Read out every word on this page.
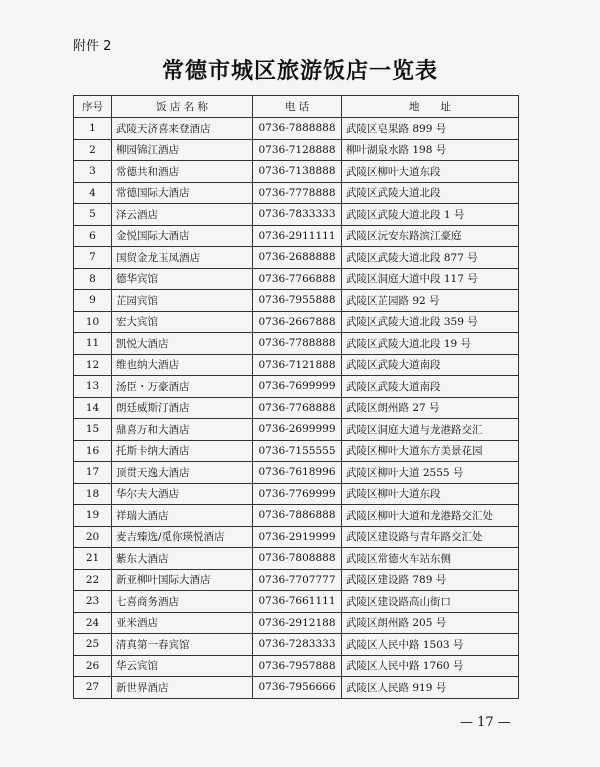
附件 2
常德市城区旅游饭店一览表
序号	饭 店 名 称	电 话	地　　址
1	武陵天济喜来登酒店	0736-7888888	武陵区皂果路 899 号
2	柳园锦江酒店	0736-7128888	柳叶湖泉水路 198 号
3	常德共和酒店	0736-7138888	武陵区柳叶大道东段
4	常德国际大酒店	0736-7778888	武陵区武陵大道北段
5	泽云酒店	0736-7833333	武陵区武陵大道北段 1 号
6	金悦国际大酒店	0736-2911111	武陵区沅安东路滨江豪庭
7	国贸金龙玉凤酒店	0736-2688888	武陵区武陵大道北段 877 号
8	德华宾馆	0736-7766888	武陵区洞庭大道中段 117 号
9	芷园宾馆	0736-7955888	武陵区芷园路 92 号
10	宏大宾馆	0736-2667888	武陵区武陵大道北段 359 号
11	凯悦大酒店	0736-7788888	武陵区武陵大道北段 19 号
12	维也纳大酒店	0736-7121888	武陵区武陵大道南段
13	汤臣・万豪酒店	0736-7699999	武陵区武陵大道南段
14	朗廷威斯汀酒店	0736-7768888	武陵区朗州路 27 号
15	鼎喜万和大酒店	0736-2699999	武陵区洞庭大道与龙港路交汇
16	托斯卡纳大酒店	0736-7155555	武陵区柳叶大道东方美景花园
17	顶贯天逸大酒店	0736-7618996	武陵区柳叶大道 2555 号
18	华尔夫大酒店	0736-7769999	武陵区柳叶大道东段
19	祥瑞大酒店	0736-7886888	武陵区柳叶大道和龙港路交汇处
20	麦吉臻选/觅你瑛悦酒店	0736-2919999	武陵区建设路与青年路交汇处
21	紫东大酒店	0736-7808888	武陵区常德火车站东侧
22	新亚柳叶国际大酒店	0736-7707777	武陵区建设路 789 号
23	七喜商务酒店	0736-7661111	武陵区建设路高山街口
24	亚米酒店	0736-2912188	武陵区朗州路 205 号
25	清真第一春宾馆	0736-7283333	武陵区人民中路 1503 号
26	华云宾馆	0736-7957888	武陵区人民中路 1760 号
27	新世界酒店	0736-7956666	武陵区人民路 919 号
— 17 —
